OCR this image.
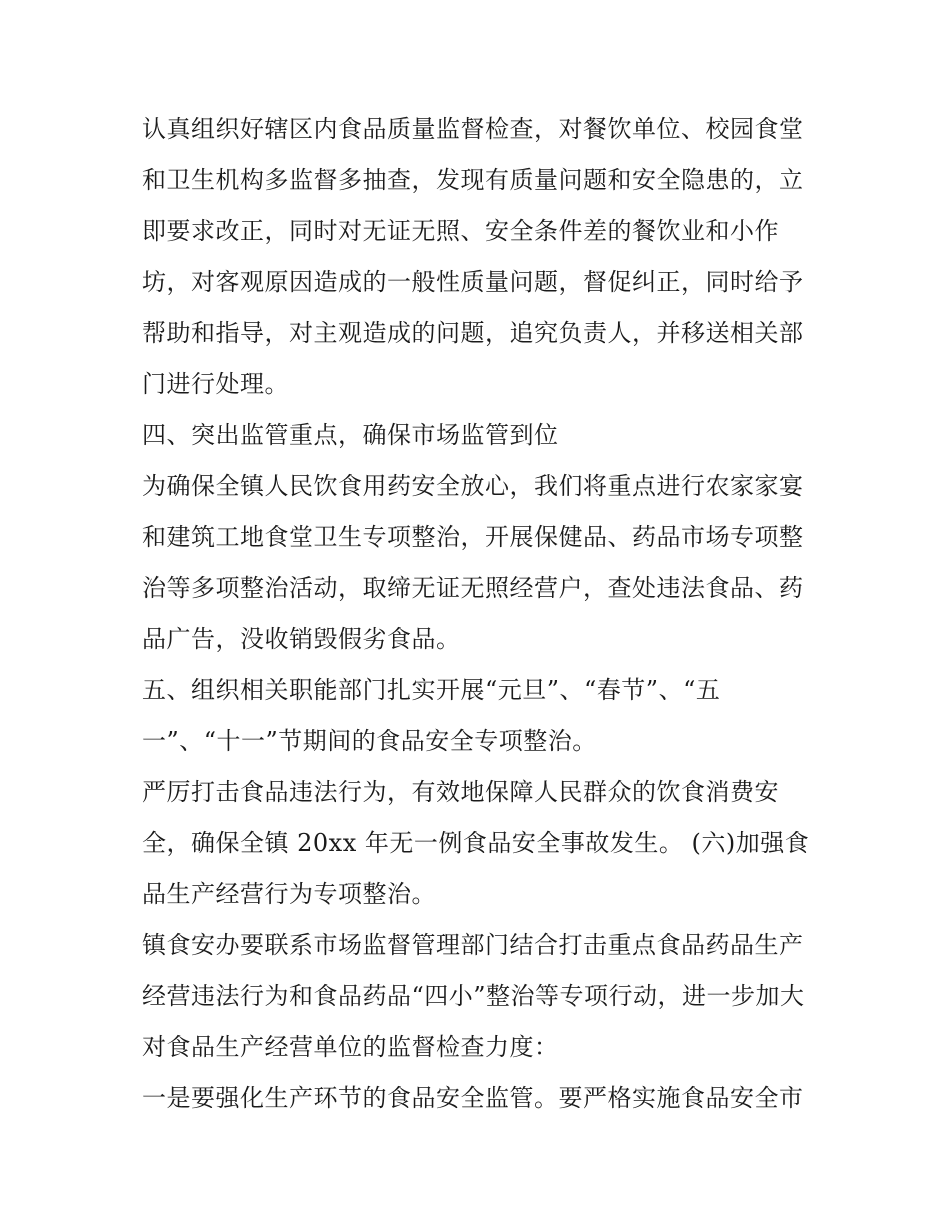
认真组织好辖区内食品质量监督检查，对餐饮单位、校园食堂
和卫生机构多监督多抽查，发现有质量问题和安全隐患的，立
即要求改正，同时对无证无照、安全条件差的餐饮业和小作
坊，对客观原因造成的一般性质量问题，督促纠正，同时给予
帮助和指导，对主观造成的问题，追究负责人，并移送相关部
门进行处理。
四、突出监管重点，确保市场监管到位
为确保全镇人民饮食用药安全放心，我们将重点进行农家家宴
和建筑工地食堂卫生专项整治，开展保健品、药品市场专项整
治等多项整治活动，取缔无证无照经营户，查处违法食品、药
品广告，没收销毁假劣食品。
五、组织相关职能部门扎实开展“元旦”、“春节”、“五
一”、“十一”节期间的食品安全专项整治。
严厉打击食品违法行为，有效地保障人民群众的饮食消费安
全，确保全镇 20xx 年无一例食品安全事故发生。 (六)加强食
品生产经营行为专项整治。
镇食安办要联系市场监督管理部门结合打击重点食品药品生产
经营违法行为和食品药品“四小”整治等专项行动，进一步加大
对食品生产经营单位的监督检查力度：
一是要强化生产环节的食品安全监管。要严格实施食品安全市
